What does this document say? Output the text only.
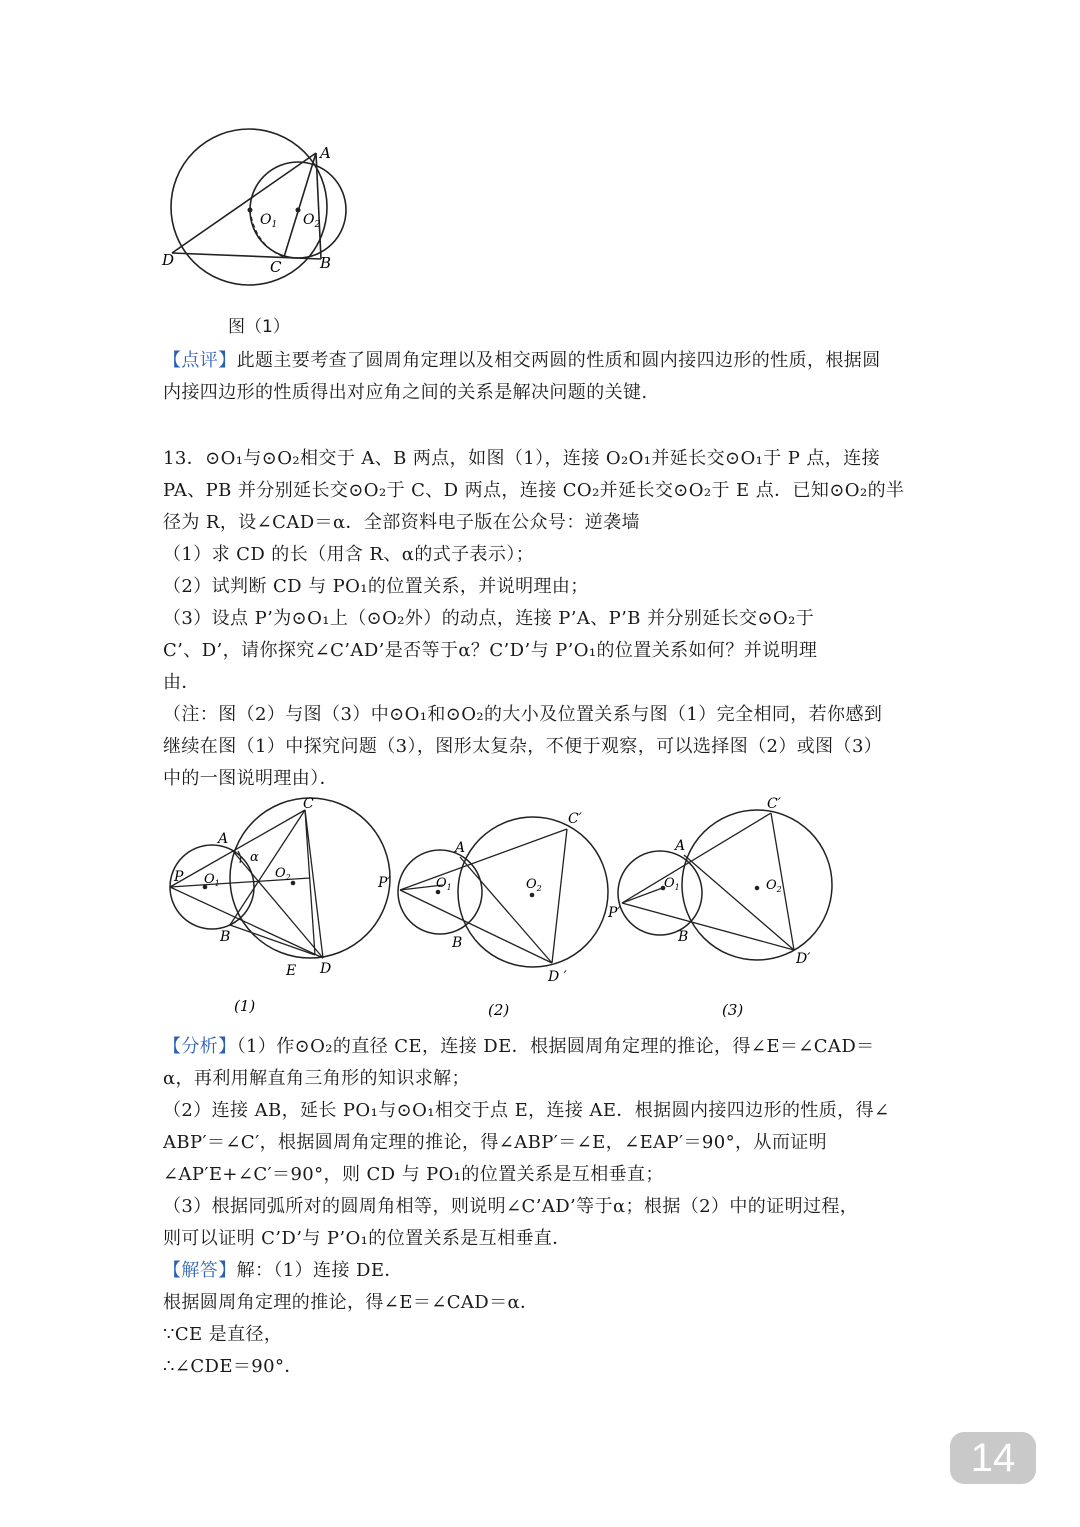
A
D	C	B
$O_1$ $O_2$
图（1）
【点评】此题主要考查了圆周角定理以及相交两圆的性质和圆内接四边形的性质，根据圆
内接四边形的性质得出对应角之间的关系是解决问题的关键.
13．⊙O₁与⊙O₂相交于 A、B 两点，如图（1），连接 O₂O₁并延长交⊙O₁于 P 点，连接
PA、PB 并分别延长交⊙O₂于 C、D 两点，连接 CO₂并延长交⊙O₂于 E 点．已知⊙O₂的半
径为 R，设∠CAD＝α．全部资料电子版在公众号：逆袭墙
（1）求 CD 的长（用含 R、α的式子表示）；
（2）试判断 CD 与 PO₁的位置关系，并说明理由；
（3）设点 P’为⊙O₁上（⊙O₂外）的动点，连接 P’A、P’B 并分别延长交⊙O₂于
C’、D’，请你探究∠C’AD’是否等于α？C’D’与 P’O₁的位置关系如何？并说明理
由．
（注：图（2）与图（3）中⊙O₁和⊙O₂的大小及位置关系与图（1）完全相同，若你感到
继续在图（1）中探究问题（3），图形太复杂，不便于观察，可以选择图（2）或图（3）
中的一图说明理由）．
P
A
α
$O_1$
$O_2$
C
B
E D
P′
A
C′
$O_1$	$O_2$
B
D ′
P′
A
C′
$O_1$	$O_2$
B
D′
(1)	(2)	(3)
【分析】（1）作⊙O₂的直径 CE，连接 DE．根据圆周角定理的推论，得∠E＝∠CAD＝
α，再利用解直角三角形的知识求解；
（2）连接 AB，延长 PO₁与⊙O₁相交于点 E，连接 AE．根据圆内接四边形的性质，得∠
ABP′＝∠C′，根据圆周角定理的推论，得∠ABP′＝∠E，∠EAP′＝90°，从而证明
∠AP′E+∠C′＝90°，则 CD 与 PO₁的位置关系是互相垂直；
（3）根据同弧所对的圆周角相等，则说明∠C’AD’等于α；根据（2）中的证明过程，
则可以证明 C’D’与 P’O₁的位置关系是互相垂直．
【解答】解：（1）连接 DE．
根据圆周角定理的推论，得∠E＝∠CAD＝α．
∵CE 是直径，
∴∠CDE＝90°．
14
